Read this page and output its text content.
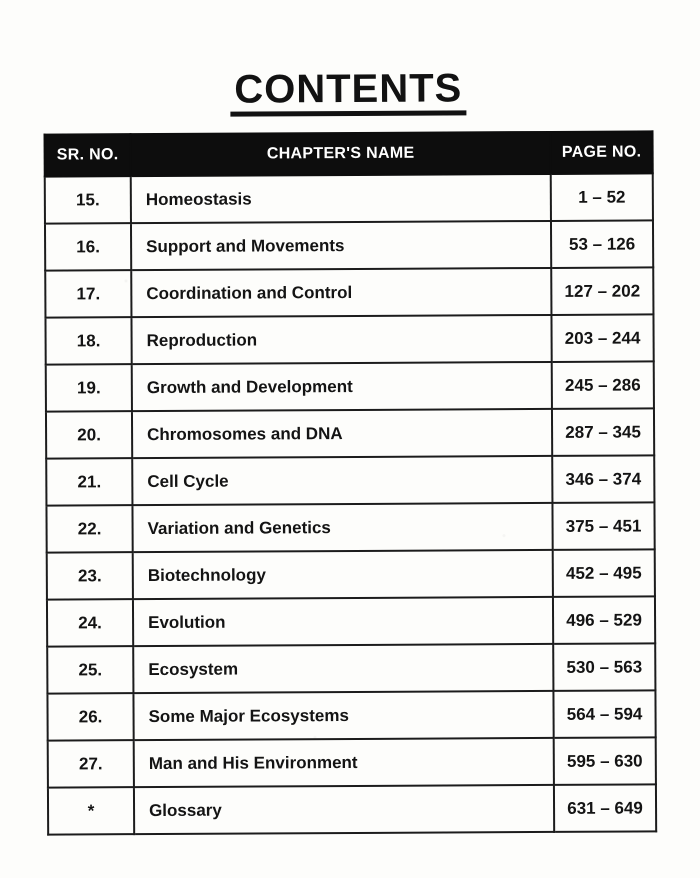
CONTENTS
SR. NO.	CHAPTER'S NAME	PAGE NO.
15.	Homeostasis	1 – 52
16.	Support and Movements	53 – 126
17.	Coordination and Control	127 – 202
18.	Reproduction	203 – 244
19.	Growth and Development	245 – 286
20.	Chromosomes and DNA	287 – 345
21.	Cell Cycle	346 – 374
22.	Variation and Genetics	375 – 451
23.	Biotechnology	452 – 495
24.	Evolution	496 – 529
25.	Ecosystem	530 – 563
26.	Some Major Ecosystems	564 – 594
27.	Man and His Environment	595 – 630
*	Glossary	631 – 649
